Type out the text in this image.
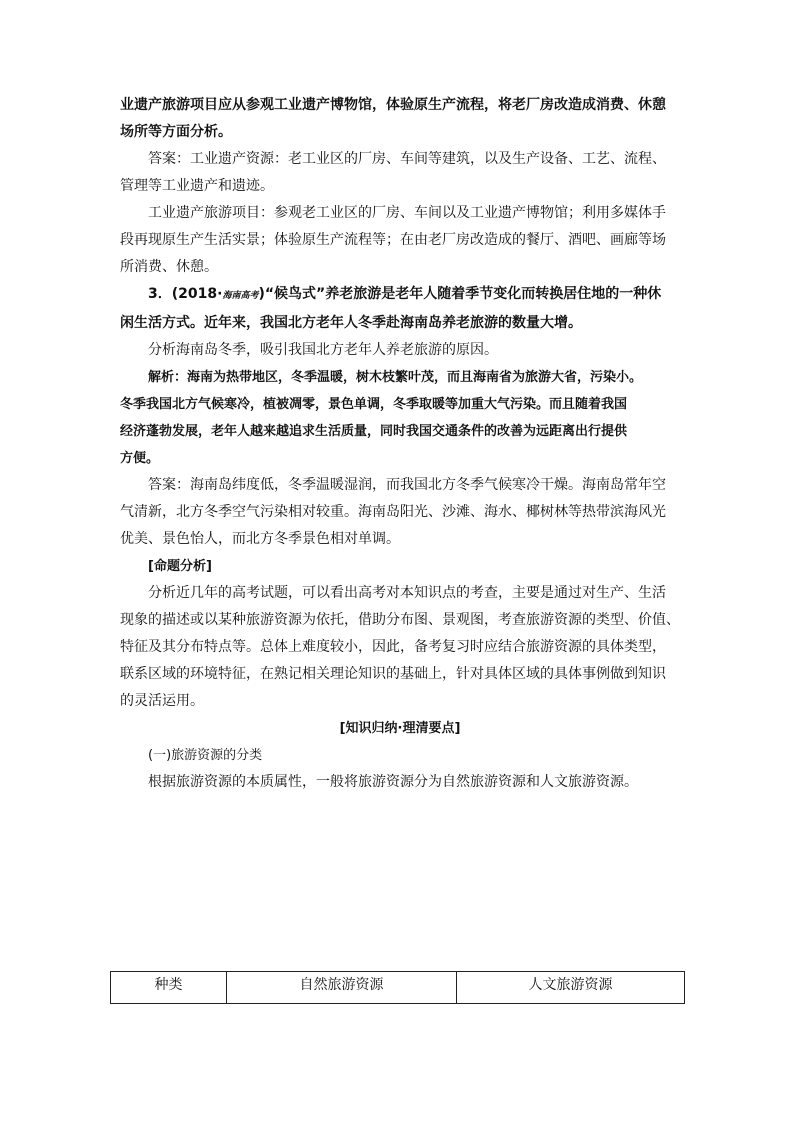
业遗产旅游项目应从参观工业遗产博物馆，体验原生产流程，将老厂房改造成消费、休憩

场所等方面分析。

答案：工业遗产资源：老工业区的厂房、车间等建筑，以及生产设备、工艺、流程、

管理等工业遗产和遗迹。

工业遗产旅游项目：参观老工业区的厂房、车间以及工业遗产博物馆；利用多媒体手

段再现原生产生活实景；体验原生产流程等；在由老厂房改造成的餐厅、酒吧、画廊等场

所消费、休憩。

3．(2018·海南高考)“候鸟式”养老旅游是老年人随着季节变化而转换居住地的一种休

闲生活方式。近年来，我国北方老年人冬季赴海南岛养老旅游的数量大增。

分析海南岛冬季，吸引我国北方老年人养老旅游的原因。

解析：海南为热带地区，冬季温暖，树木枝繁叶茂，而且海南省为旅游大省，污染小。

冬季我国北方气候寒冷，植被凋零，景色单调，冬季取暖等加重大气污染。而且随着我国

经济蓬勃发展，老年人越来越追求生活质量，同时我国交通条件的改善为远距离出行提供

方便。

答案：海南岛纬度低，冬季温暖湿润，而我国北方冬季气候寒冷干燥。海南岛常年空

气清新，北方冬季空气污染相对较重。海南岛阳光、沙滩、海水、椰树林等热带滨海风光

优美、景色怡人，而北方冬季景色相对单调。

[命题分析]

分析近几年的高考试题，可以看出高考对本知识点的考查，主要是通过对生产、生活

现象的描述或以某种旅游资源为依托，借助分布图、景观图，考查旅游资源的类型、价值、

特征及其分布特点等。总体上难度较小，因此，备考复习时应结合旅游资源的具体类型，

联系区域的环境特征，在熟记相关理论知识的基础上，针对具体区域的具体事例做到知识

的灵活运用。

[知识归纳·理清要点]

(一)旅游资源的分类

根据旅游资源的本质属性，一般将旅游资源分为自然旅游资源和人文旅游资源。

种类	自然旅游资源	人文旅游资源
